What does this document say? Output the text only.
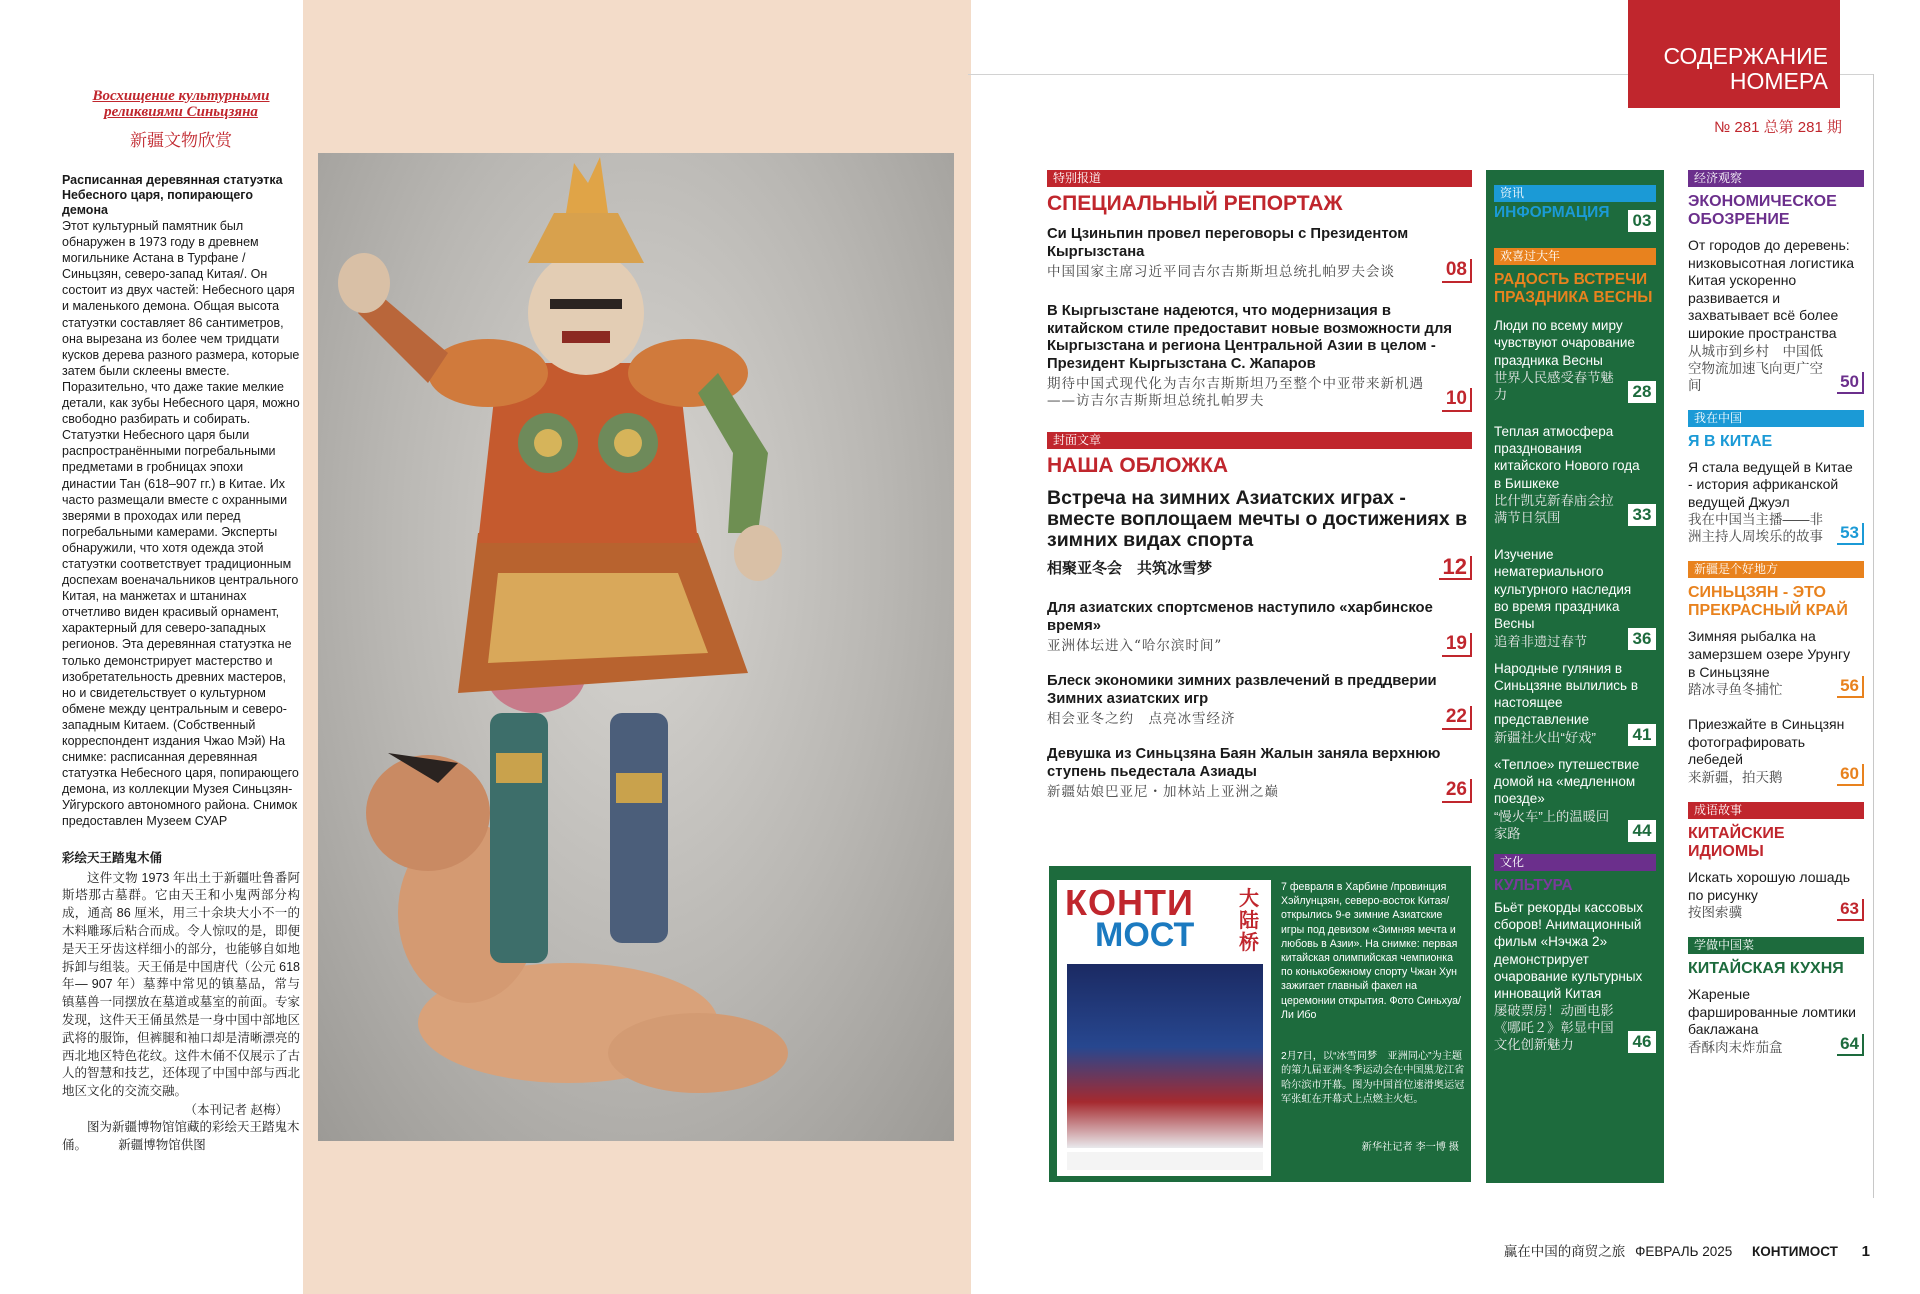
Восхищение культурными реликвиями Синьцзяна
新疆文物欣赏
Расписанная деревянная статуэтка Небесного царя, попирающего демона
Этот культурный памятник был обнаружен в 1973 году в древнем могильнике Астана в Турфане / Синьцзян, северо-запад Китая/. Он состоит из двух частей: Небесного царя и маленького демона. Общая высота статуэтки составляет 86 сантиметров, она вырезана из более чем тридцати кусков дерева разного размера, которые затем были склеены вместе. Поразительно, что даже такие мелкие детали, как зубы Небесного царя, можно свободно разбирать и собирать. Статуэтки Небесного царя были распространёнными погребальными предметами в гробницах эпохи династии Тан (618–907 гг.) в Китае. Их часто размещали вместе с охранными зверями в проходах или перед погребальными камерами. Эксперты обнаружили, что хотя одежда этой статуэтки соответствует традиционным доспехам военачальников центрального Китая, на манжетах и штанинах отчетливо виден красивый орнамент, характерный для северо-западных регионов. Эта деревянная статуэтка не только демонстрирует мастерство и изобретательность древних мастеров, но и свидетельствует о культурном обмене между центральным и северо-западным Китаем. (Собственный корреспондент издания Чжао Мэй) На снимке: расписанная деревянная статуэтка Небесного царя, попирающего демона, из коллекции Музея Синьцзян-Уйгурского автономного района. Снимок предоставлен Музеем СУАР
彩绘天王踏鬼木俑
这件文物 1973 年出土于新疆吐鲁番阿斯塔那古墓群。它由天王和小鬼两部分构成，通高 86 厘米，用三十余块大小不一的木料雕琢后粘合而成。令人惊叹的是，即便是天王牙齿这样细小的部分，也能够自如地拆卸与组装。天王俑是中国唐代（公元 618 年— 907 年）墓葬中常见的镇墓品，常与镇墓兽一同摆放在墓道或墓室的前面。专家发现，这件天王俑虽然是一身中国中部地区武将的服饰，但裤腿和袖口却是清晰漂亮的西北地区特色花纹。这件木俑不仅展示了古人的智慧和技艺，还体现了中国中部与西北地区文化的交流交融。
（本刊记者 赵梅）
图为新疆博物馆馆藏的彩绘天王踏鬼木俑。　　　新疆博物馆供图
СОДЕРЖАНИЕ НОМЕРА
№ 281 总第 281 期
特别报道
СПЕЦИАЛЬНЫЙ РЕПОРТАЖ
Си Цзиньпин провел переговоры с Президентом Кыргызстана
中国国家主席习近平同吉尔吉斯斯坦总统扎帕罗夫会谈	08
В Кыргызстане надеются, что модернизация в китайском стиле предоставит новые возможности для Кыргызстана и региона Центральной Азии в целом - Президент Кыргызстана С. Жапаров
期待中国式现代化为吉尔吉斯斯坦乃至整个中亚带来新机遇——访吉尔吉斯斯坦总统扎帕罗夫	10
封面文章
НАША ОБЛОЖКА
Встреча на зимних Азиатских играх - вместе воплощаем мечты о достижениях в зимних видах спорта
相聚亚冬会　共筑冰雪梦	12
Для азиатских спортсменов наступило «харбинское время»
亚洲体坛进入“哈尔滨时间”	19
Блеск экономики зимних развлечений в преддверии Зимних азиатских игр
相会亚冬之约　点亮冰雪经济	22
Девушка из Синьцзяна Баян Жалын заняла верхнюю ступень пьедестала Азиады
新疆姑娘巴亚尼・加林站上亚洲之巅	26
КОНТИ
МОСТ
大陆桥
7 февраля в Харбине /провинция Хэйлунцзян, северо-восток Китая/ открылись 9-е зимние Азиатские игры под девизом «Зимняя мечта и любовь в Азии». На снимке: первая китайская олимпийская чемпионка по конькобежному спорту Чжан Хун зажигает главный факел на церемонии открытия. Фото Синьхуа/ Ли Ибо
2月7日，以“冰雪同梦　亚洲同心”为主题的第九届亚洲冬季运动会在中国黑龙江省哈尔滨市开幕。图为中国首位速滑奥运冠军张虹在开幕式上点燃主火炬。
新华社记者 李一博 摄
资讯
ИНФОРМАЦИЯ	03
欢喜过大年
РАДОСТЬ ВСТРЕЧИ ПРАЗДНИКА ВЕСНЫ
Люди по всему миру чувствуют очарование праздника Весны
世界人民感受春节魅力	28
Теплая атмосфера празднования китайского Нового года в Бишкеке
比什凯克新春庙会拉满节日氛围	33
Изучение нематериального культурного наследия во время праздника Весны
追着非遗过春节	36
Народные гуляния в Синьцзяне вылились в настоящее представление
新疆社火出“好戏”	41
«Теплое» путешествие домой на «медленном поезде»
“慢火车”上的温暖回家路	44
文化
КУЛЬТУРА
Бьёт рекорды кассовых сборов! Анимационный фильм «Нэчжа 2» демонстрирует очарование культурных инноваций Китая
屡破票房！动画电影《哪吒２》彰显中国文化创新魅力	46
经济观察
ЭКОНОМИЧЕСКОЕ ОБОЗРЕНИЕ
От городов до деревень: низковысотная логистика Китая ускоренно развивается и захватывает всё более широкие пространства
从城市到乡村　中国低空物流加速飞向更广空间	50
我在中国
Я В КИТАЕ
Я стала ведущей в Китае - история африканской ведущей Джуэл
我在中国当主播——非洲主持人周埃乐的故事	53
新疆是个好地方
СИНЬЦЗЯН - ЭТО ПРЕКРАСНЫЙ КРАЙ
Зимняя рыбалка на замерзшем озере Урунгу в Синьцзяне
踏冰寻鱼冬捕忙	56
Приезжайте в Синьцзян фотографировать лебедей
来新疆，拍天鹅	60
成语故事
КИТАЙСКИЕ ИДИОМЫ
Искать хорошую лошадь по рисунку
按图索骥	63
学做中国菜
КИТАЙСКАЯ КУХНЯ
Жареные фаршированные ломтики баклажана
香酥肉末炸茄盒	64
赢在中国的商贸之旅 ФЕВРАЛЬ 2025 КОНТИМОСТ 1
